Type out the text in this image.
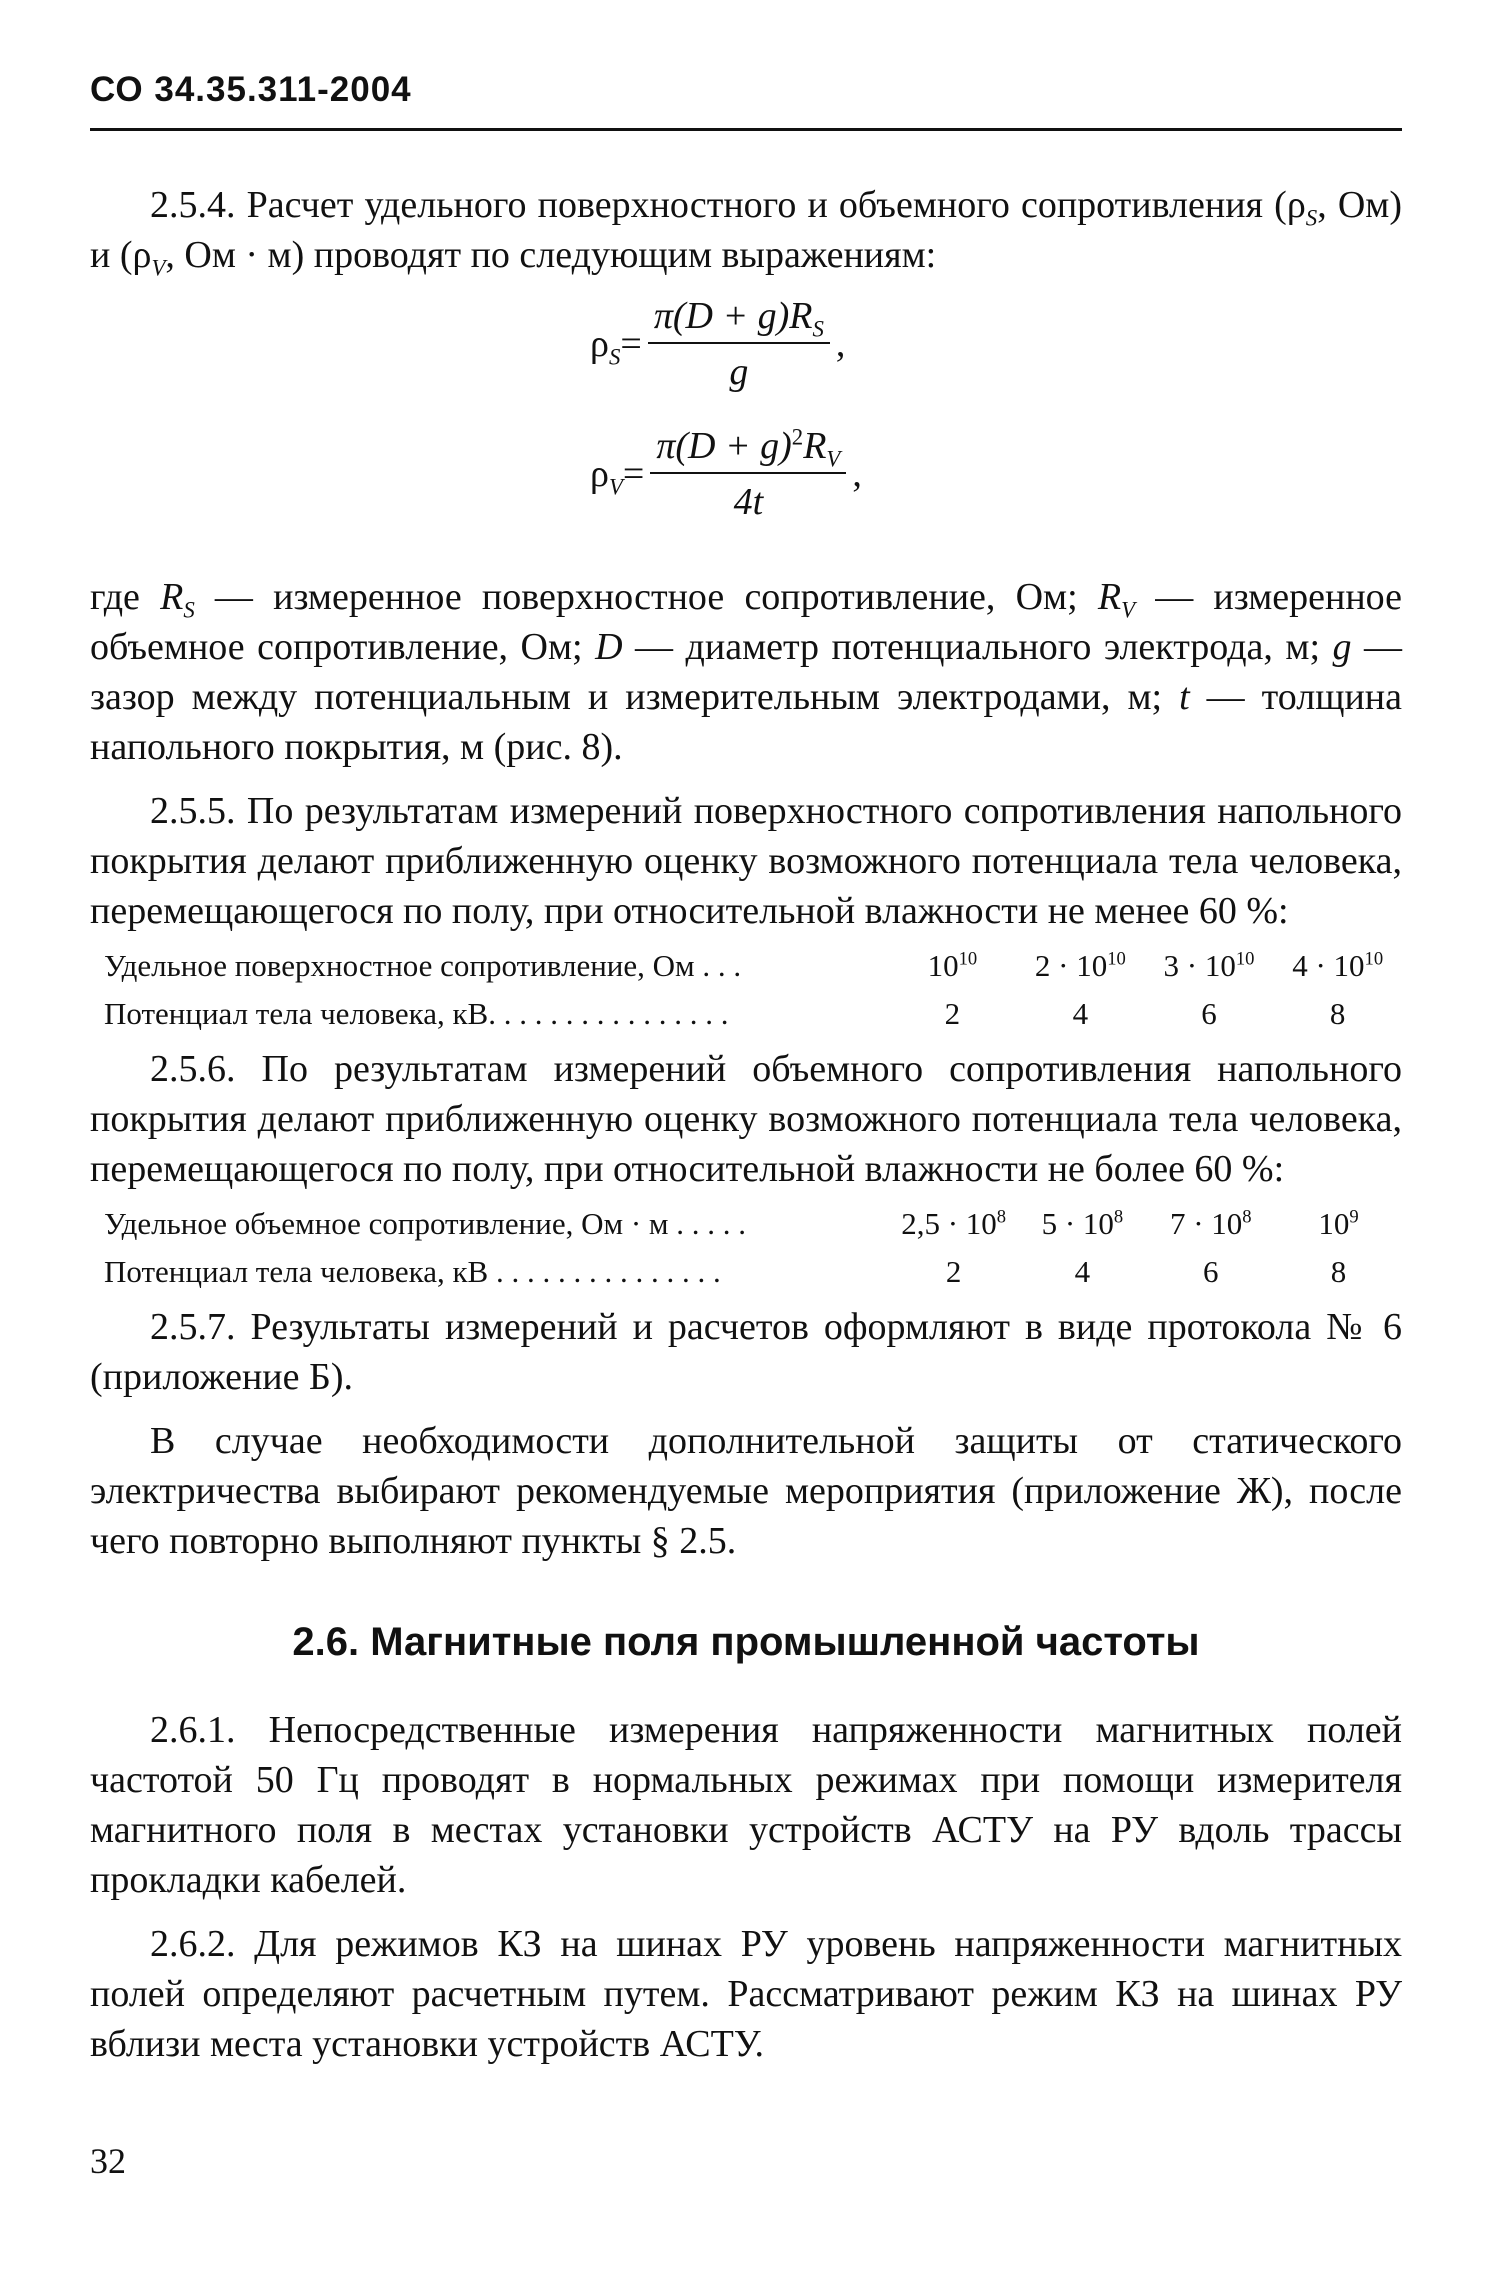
СО 34.35.311-2004

2.5.4. Расчет удельного поверхностного и объемного сопротивления ($\rho_S$, Ом) и ($\rho_V$, Ом · м) проводят по следующим выражениям:

$\rho_S = \frac{\pi(D + g)R_S}{g}$ ,
$\rho_V = \frac{\pi(D + g)^2R_V}{4t}$ ,

где $R_S$ — измеренное поверхностное сопротивление, Ом; $R_V$ — измеренное объемное сопротивление, Ом; D — диаметр потенциального электрода, м; g — зазор между потенциальным и измерительным электродами, м; t — толщина напольного покрытия, м (рис. 8).

2.5.5. По результатам измерений поверхностного сопротивления напольного покрытия делают приближенную оценку возможного потенциала тела человека, перемещающегося по полу, при относительной влажности не менее 60 %:

Удельное поверхностное сопротивление, Ом . . .	$10^{10}$	$2 \cdot 10^{10}$	$3 \cdot 10^{10}$	$4 \cdot 10^{10}$
Потенциал тела человека, кВ. . . . . . . . . . . . . . . .	2	4	6	8

2.5.6. По результатам измерений объемного сопротивления напольного покрытия делают приближенную оценку возможного потенциала тела человека, перемещающегося по полу, при относительной влажности не более 60 %:

Удельное объемное сопротивление, Ом · м . . . . .	$2,5 \cdot 10^8$	$5 \cdot 10^8$	$7 \cdot 10^8$	$10^9$
Потенциал тела человека, кВ . . . . . . . . . . . . . . .	2	4	6	8

2.5.7. Результаты измерений и расчетов оформляют в виде протокола № 6 (приложение Б).

В случае необходимости дополнительной защиты от статического электричества выбирают рекомендуемые мероприятия (приложение Ж), после чего повторно выполняют пункты § 2.5.

2.6. Магнитные поля промышленной частоты

2.6.1. Непосредственные измерения напряженности магнитных полей частотой 50 Гц проводят в нормальных режимах при помощи измерителя магнитного поля в местах установки устройств АСТУ на РУ вдоль трассы прокладки кабелей.

2.6.2. Для режимов КЗ на шинах РУ уровень напряженности магнитных полей определяют расчетным путем. Рассматривают режим КЗ на шинах РУ вблизи места установки устройств АСТУ.

32
